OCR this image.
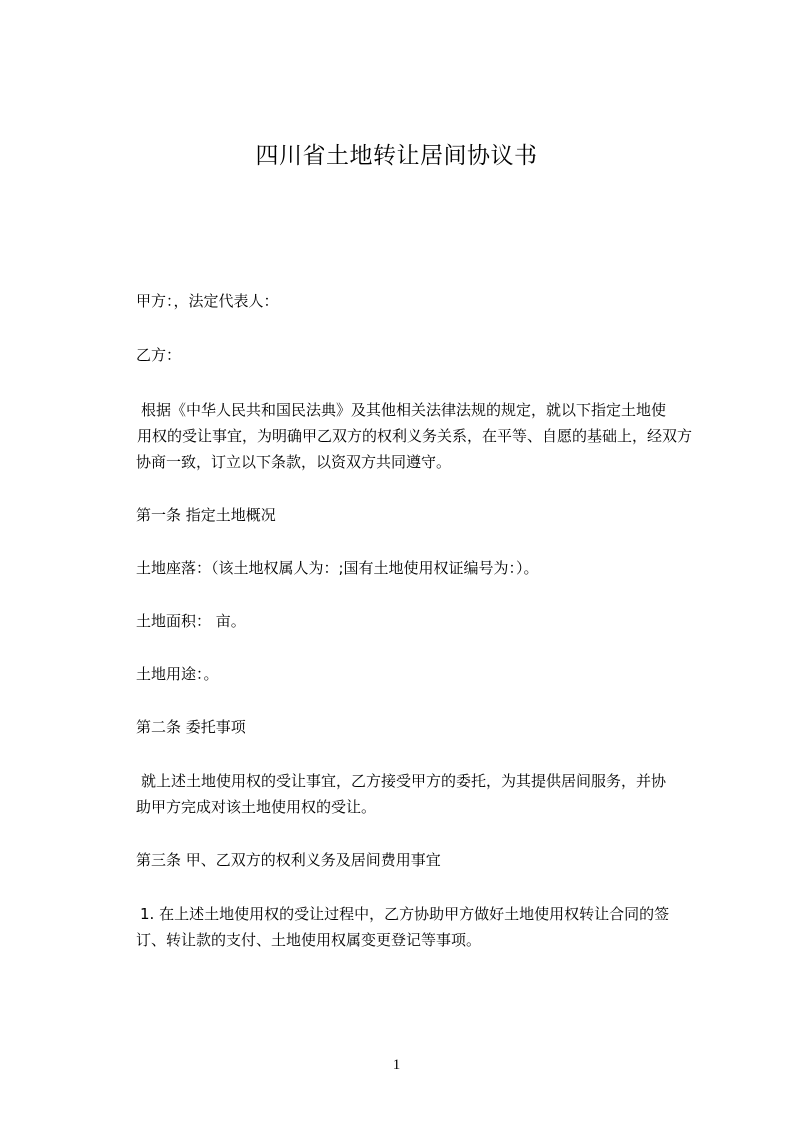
四川省土地转让居间协议书
甲方：，法定代表人：
乙方：
根据《中华人民共和国民法典》及其他相关法律法规的规定，就以下指定土地使
用权的受让事宜，为明确甲乙双方的权利义务关系，在平等、自愿的基础上，经双方
协商一致，订立以下条款，以资双方共同遵守。
第一条 指定土地概况
土地座落：（该土地权属人为：;国有土地使用权证编号为：）。
土地面积： 亩。
土地用途：。
第二条 委托事项
就上述土地使用权的受让事宜，乙方接受甲方的委托，为其提供居间服务，并协
助甲方完成对该土地使用权的受让。
第三条 甲、乙双方的权利义务及居间费用事宜
1. 在上述土地使用权的受让过程中，乙方协助甲方做好土地使用权转让合同的签
订、转让款的支付、土地使用权属变更登记等事项。
1
